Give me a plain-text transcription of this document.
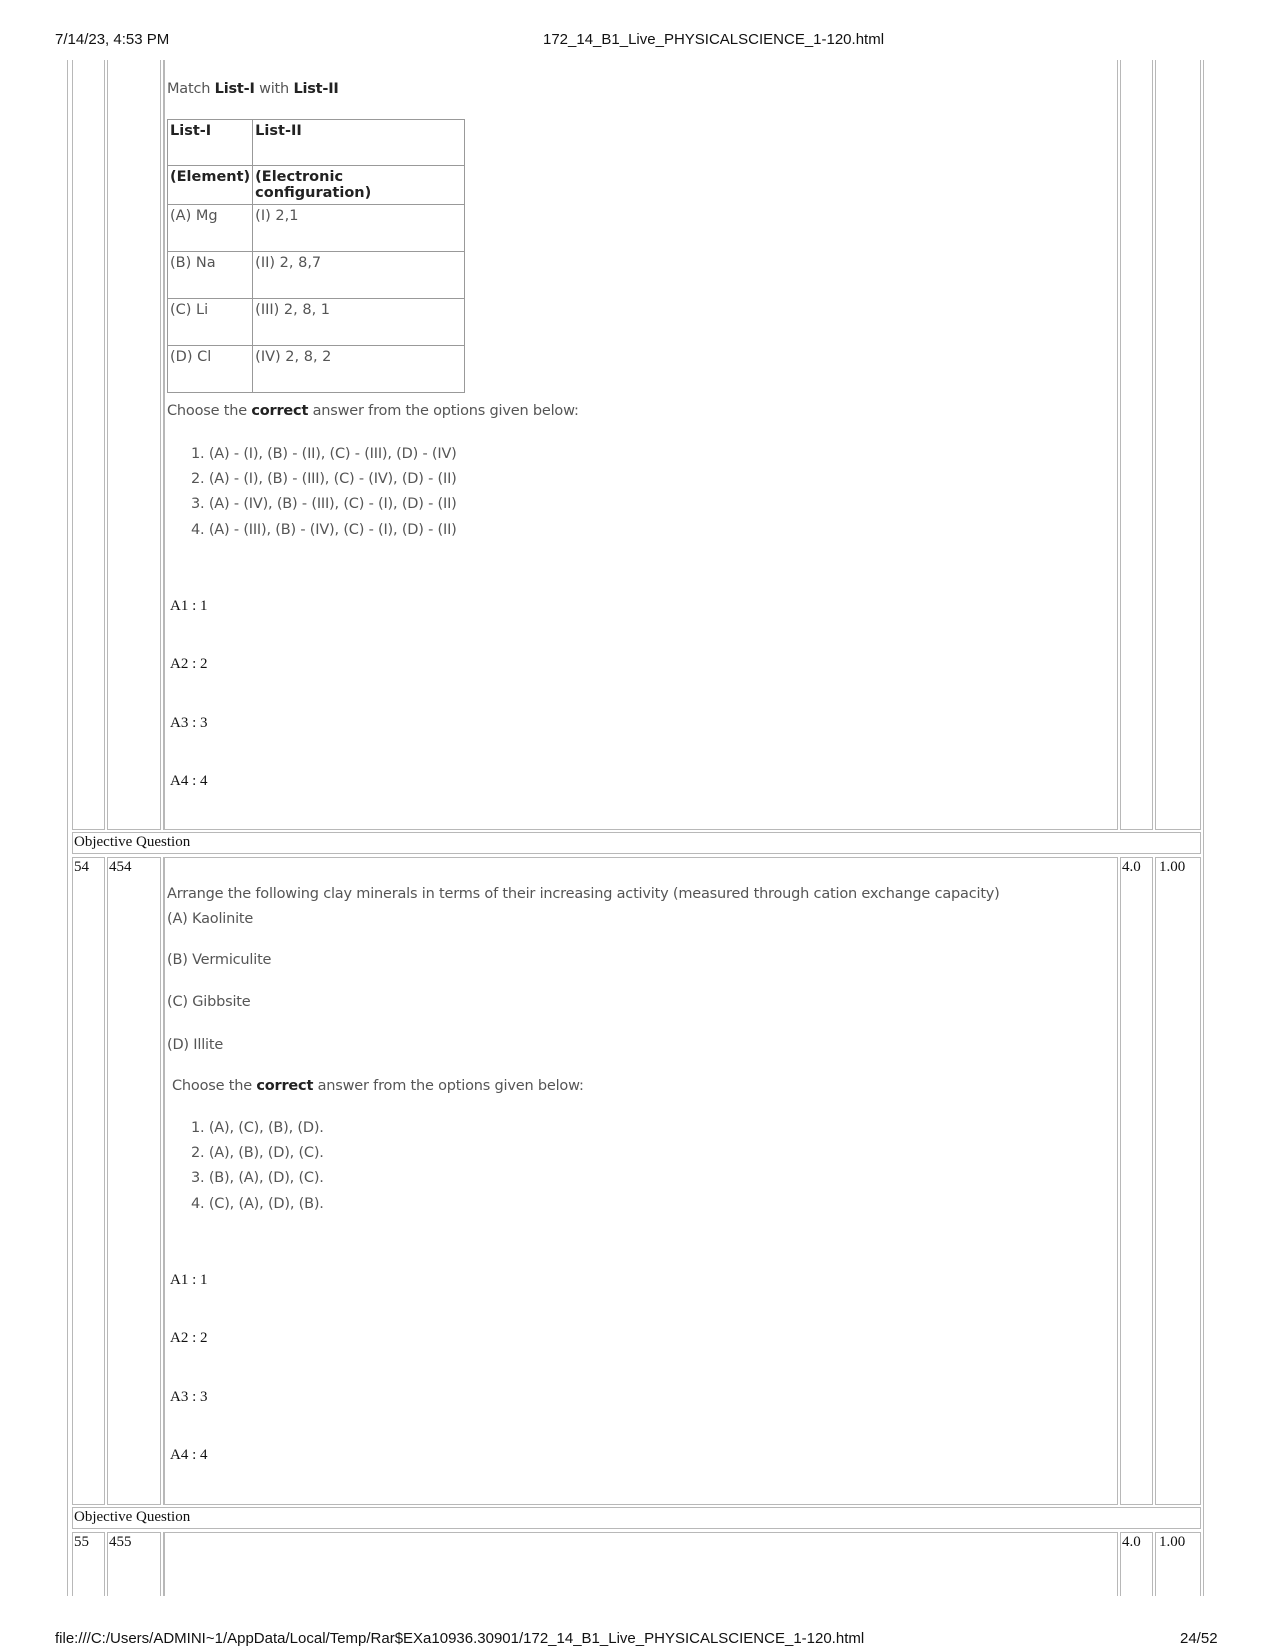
7/14/23, 4:53 PM	172_14_B1_Live_PHYSICALSCIENCE_1-120.html
Match List-I with List-II
List-I	List-II
(Element)	(Electronic configuration)
(A) Mg	(I) 2,1
(B) Na	(II) 2, 8,7
(C) Li	(III) 2, 8, 1
(D) Cl	(IV) 2, 8, 2
Choose the correct answer from the options given below:
1. (A) - (I), (B) - (II), (C) - (III), (D) - (IV)
2. (A) - (I), (B) - (III), (C) - (IV), (D) - (II)
3. (A) - (IV), (B) - (III), (C) - (I), (D) - (II)
4. (A) - (III), (B) - (IV), (C) - (I), (D) - (II)
A1 : 1
A2 : 2
A3 : 3
A4 : 4
Objective Question
54 454	4.0 1.00
Arrange the following clay minerals in terms of their increasing activity (measured through cation exchange capacity)
(A) Kaolinite
(B) Vermiculite
(C) Gibbsite
(D) Illite
Choose the correct answer from the options given below:
1. (A), (C), (B), (D).
2. (A), (B), (D), (C).
3. (B), (A), (D), (C).
4. (C), (A), (D), (B).
A1 : 1
A2 : 2
A3 : 3
A4 : 4
Objective Question
55 455	4.0 1.00
file:///C:/Users/ADMINI~1/AppData/Local/Temp/Rar$EXa10936.30901/172_14_B1_Live_PHYSICALSCIENCE_1-120.html	24/52
